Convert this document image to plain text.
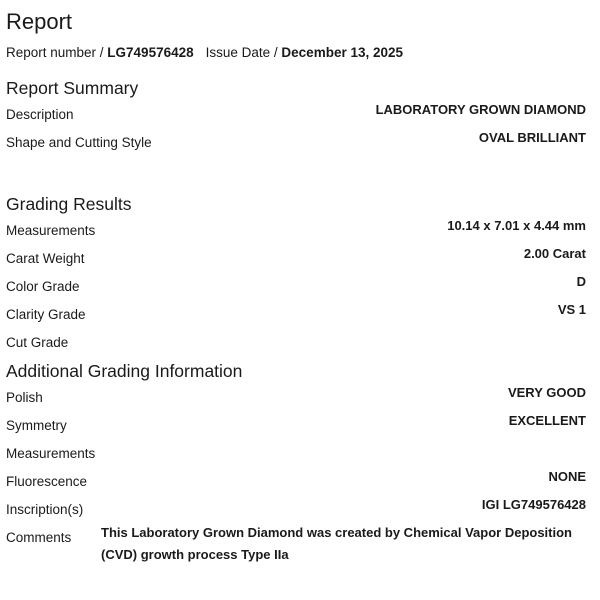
Report
Report number / LG749576428 Issue Date / December 13, 2025
Report Summary
Description	LABORATORY GROWN DIAMOND
Shape and Cutting Style	OVAL BRILLIANT
Grading Results
Measurements	10.14 x 7.01 x 4.44 mm
Carat Weight	2.00 Carat
Color Grade	D
Clarity Grade	VS 1
Cut Grade
Additional Grading Information
Polish	VERY GOOD
Symmetry	EXCELLENT
Measurements
Fluorescence	NONE
Inscription(s)	IGI LG749576428
Comments This Laboratory Grown Diamond was created by Chemical Vapor Deposition (CVD) growth process Type IIa
